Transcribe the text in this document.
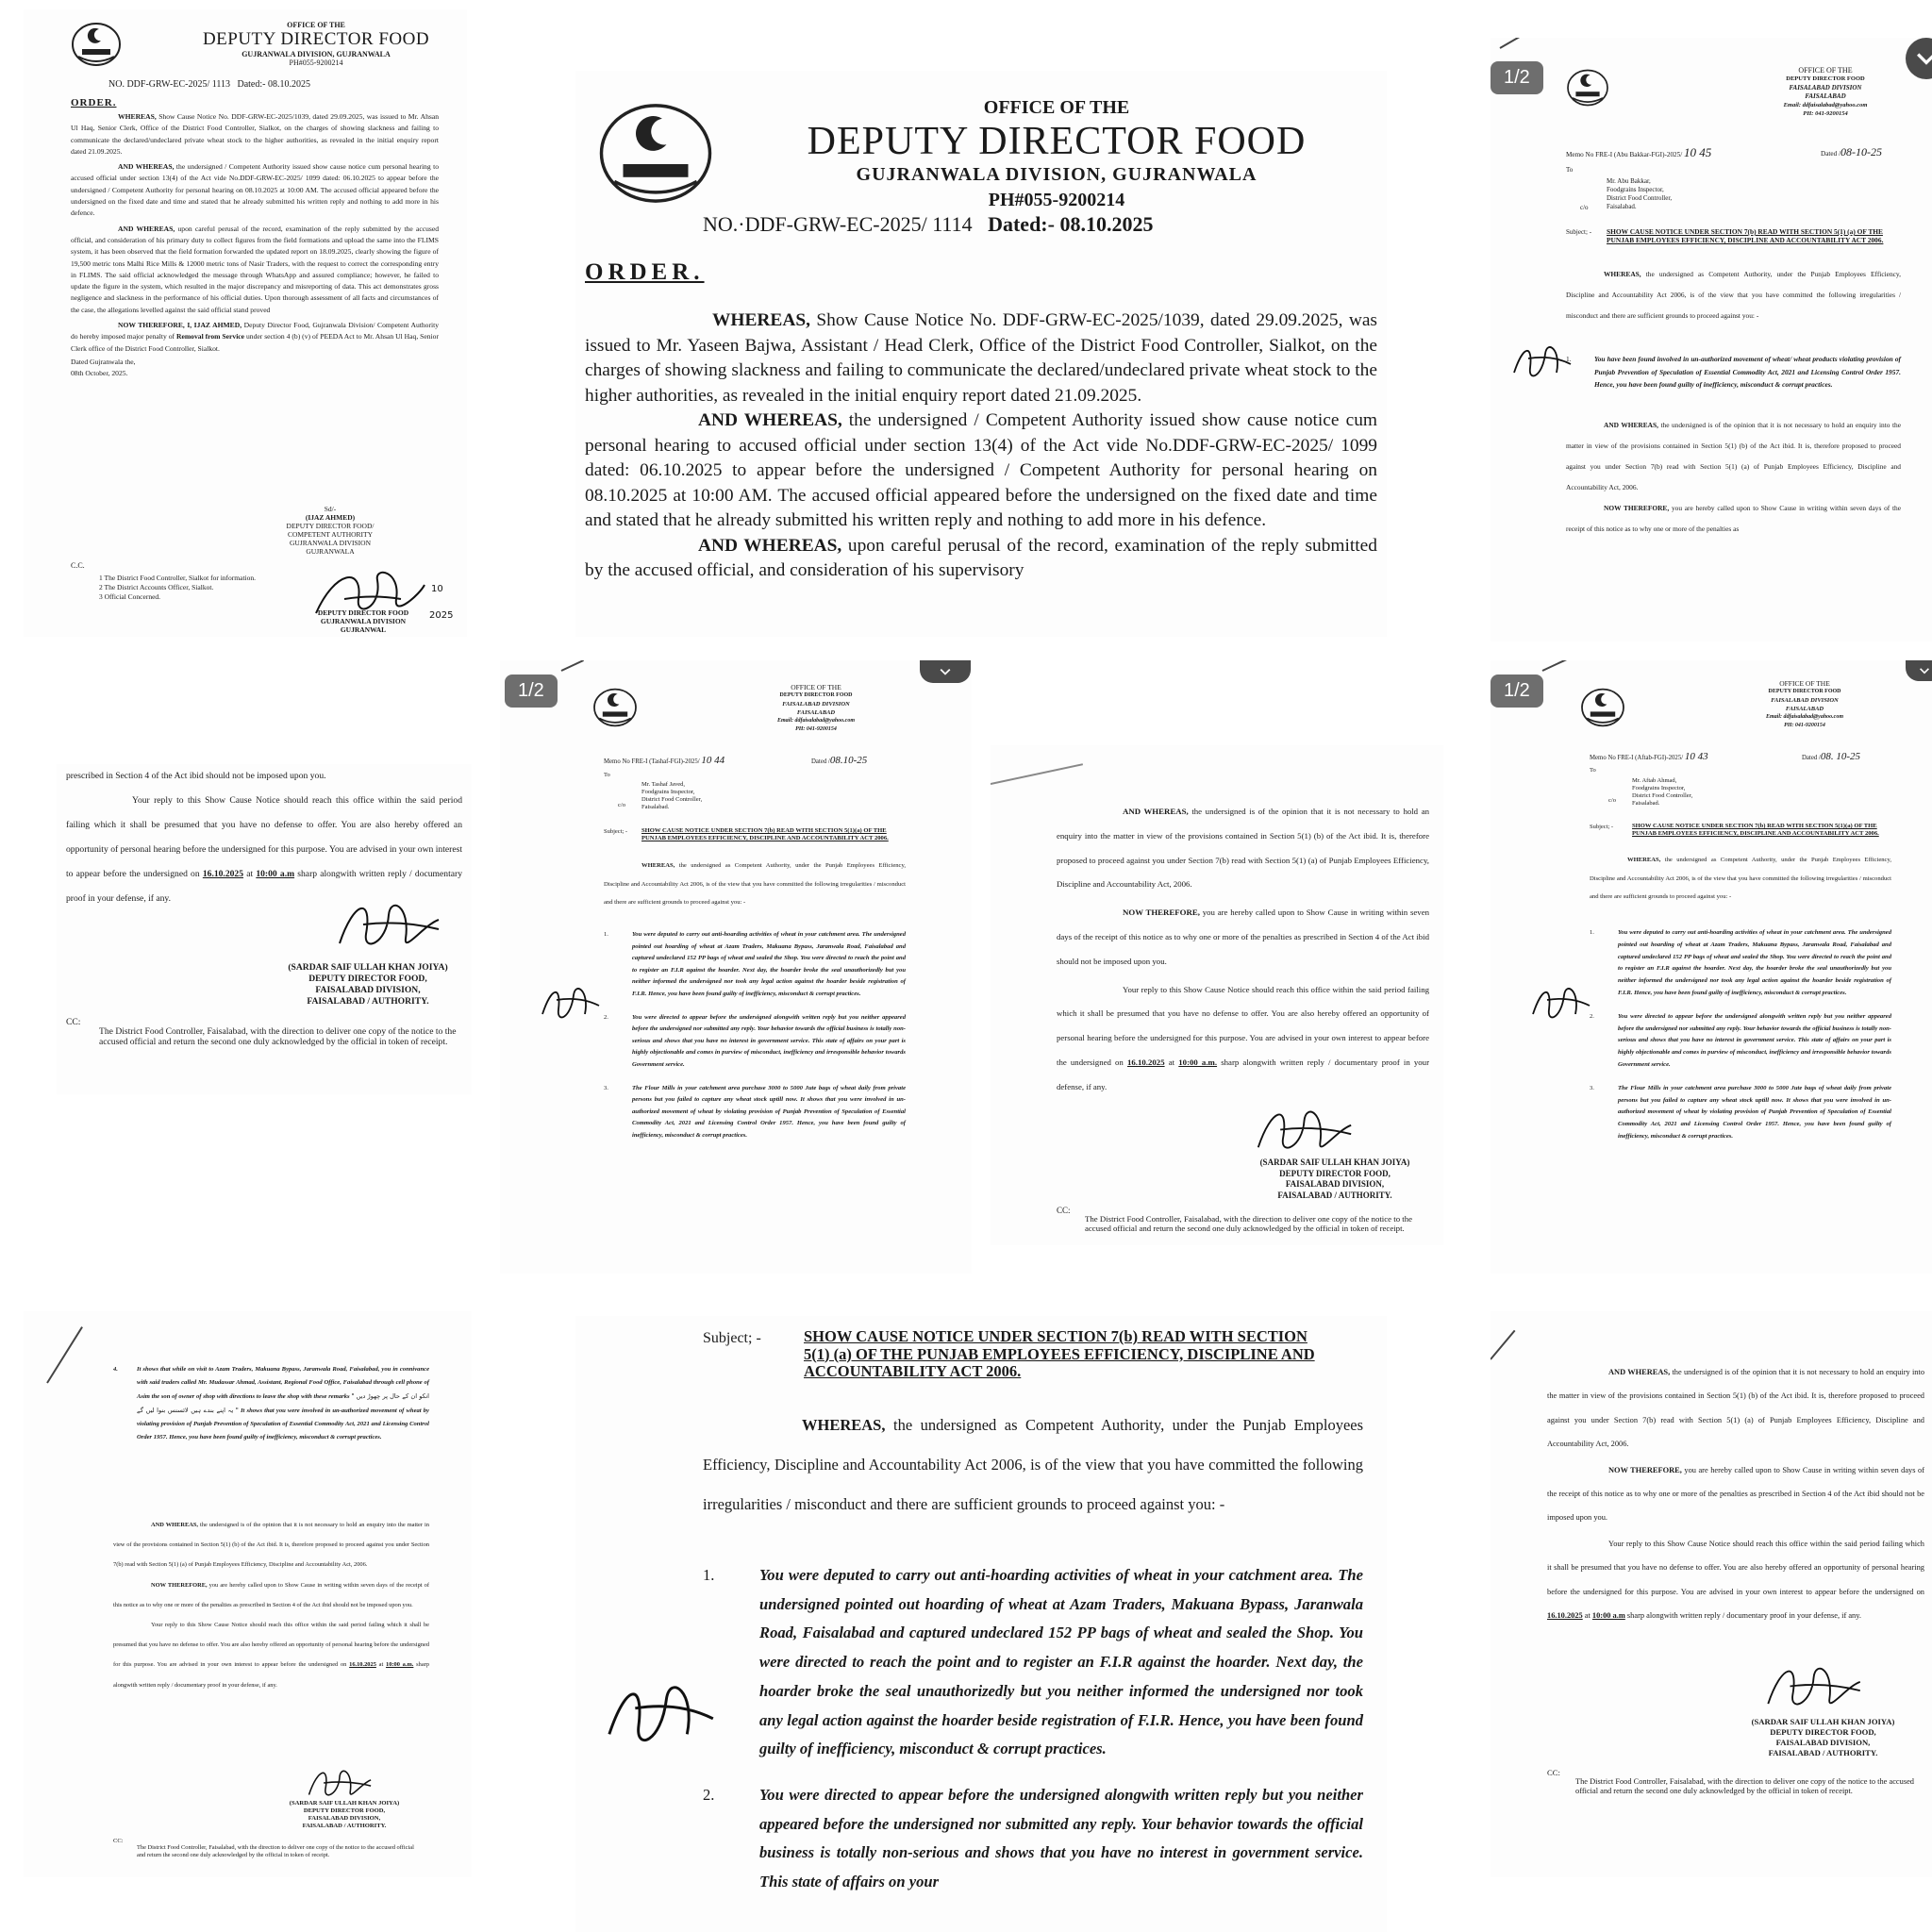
OFFICE OF THE

DEPUTY DIRECTOR FOOD

GUJRANWALA DIVISION, GUJRANWALA

PH#055-9200214

NO. DDF-GRW-EC-2025/ 1113 Dated:- 08.10.2025

ORDER.

WHEREAS, Show Cause Notice No. DDF-GRW-EC-2025/1039, dated 29.09.2025, was issued to Mr. Ahsan Ul Haq, Senior Clerk, Office of the District Food Controller, Sialkot, on the charges of showing slackness and failing to communicate the declared/undeclared private wheat stock to the higher authorities, as revealed in the initial enquiry report dated 21.09.2025.

AND WHEREAS, the undersigned / Competent Authority issued show cause notice cum personal hearing to accused official under section 13(4) of the Act vide No.DDF-GRW-EC-2025/ 1099 dated: 06.10.2025 to appear before the undersigned / Competent Authority for personal hearing on 08.10.2025 at 10:00 AM. The accused official appeared before the undersigned on the fixed date and time and stated that he already submitted his written reply and nothing to add more in his defence.

AND WHEREAS, upon careful perusal of the record, examination of the reply submitted by the accused official, and consideration of his primary duty to collect figures from the field formations and upload the same into the FLIMS system, it has been observed that the field formation forwarded the updated report on 18.09.2025, clearly showing the figure of 19,500 metric tons Malhi Rice Mills & 12000 metric tons of Nasir Traders, with the request to correct the corresponding entry in FLIMS. The said official acknowledged the message through WhatsApp and assured compliance; however, he failed to update the figure in the system, which resulted in the major discrepancy and misreporting of data. This act demonstrates gross negligence and slackness in the performance of his official duties. Upon thorough assessment of all facts and circumstances of the case, the allegations levelled against the said official stand proved

NOW THEREFORE, I, IJAZ AHMED, Deputy Director Food, Gujranwala Division/ Competent Authority do hereby imposed major penalty of Removal from Service under section 4 (b) (v) of PEEDA Act to Mr. Ahsan Ul Haq, Senior Clerk office of the District Food Controller, Sialkot.

Dated Gujranwala the,

08th October, 2025.

Sd/-

(IJAZ AHMED)

DEPUTY DIRECTOR FOOD/

COMPETENT AUTHORITY

GUJRANWALA DIVISION

GUJRANWALA

C.C.

1 The District Food Controller, Sialkot for information.

2 The District Accounts Officer, Sialkot.

3 Official Concerned.

DEPUTY DIRECTOR FOOD

GUJRANWALA DIVISION

GUJRANWAL

10
2025

OFFICE OF THE

DEPUTY DIRECTOR FOOD

GUJRANWALA DIVISION, GUJRANWALA

PH#055-9200214

NO.·DDF-GRW-EC-2025/ 1114 Dated:- 08.10.2025

ORDER.

WHEREAS, Show Cause Notice No. DDF-GRW-EC-2025/1039, dated 29.09.2025, was issued to Mr. Yaseen Bajwa, Assistant / Head Clerk, Office of the District Food Controller, Sialkot, on the charges of showing slackness and failing to communicate the declared/undeclared private wheat stock to the higher authorities, as revealed in the initial enquiry report dated 21.09.2025.

AND WHEREAS, the undersigned / Competent Authority issued show cause notice cum personal hearing to accused official under section 13(4) of the Act vide No.DDF-GRW-EC-2025/ 1099 dated: 06.10.2025 to appear before the undersigned / Competent Authority for personal hearing on 08.10.2025 at 10:00 AM. The accused official appeared before the undersigned on the fixed date and time and stated that he already submitted his written reply and nothing to add more in his defence.

AND WHEREAS, upon careful perusal of the record, examination of the reply submitted by the accused official, and consideration of his supervisory

1/2	OFFICE OF THE

DEPUTY DIRECTOR FOOD

FAISALABAD DIVISION

FAISALABAD

Email: ddfaisalabad@yahoo.com

PH: 041-9200154

Memo No FRE-I (Abu Bakkar-FGI)-2025/ 10 45	Dated /08-10-25

To

c/o

Mr. Abu Bakkar,

Foodgrains Inspector,

District Food Controller,

Faisalabad.

Subject; - SHOW CAUSE NOTICE UNDER SECTION 7(b) READ WITH SECTION 5(1) (a) OF THE PUNJAB EMPLOYEES EFFICIENCY, DISCIPLINE AND ACCOUNTABILITY ACT 2006.

WHEREAS, the undersigned as Competent Authority, under the Punjab Employees Efficiency, Discipline and Accountability Act 2006, is of the view that you have committed the following irregularities / misconduct and there are sufficient grounds to proceed against you: -

1.	You have been found involved in un-authorized movement of wheat/ wheat products violating provision of Punjab Prevention of Speculation of Essential Commodity Act, 2021 and Licensing Control Order 1957. Hence, you have been found guilty of inefficiency, misconduct & corrupt practices.

AND WHEREAS, the undersigned is of the opinion that it is not necessary to hold an enquiry into the matter in view of the provisions contained in Section 5(1) (b) of the Act ibid. It is, therefore proposed to proceed against you under Section 7(b) read with Section 5(1) (a) of Punjab Employees Efficiency, Discipline and Accountability Act, 2006.

NOW THEREFORE, you are hereby called upon to Show Cause in writing within seven days of the receipt of this notice as to why one or more of the penalties as

prescribed in Section 4 of the Act ibid should not be imposed upon you.

Your reply to this Show Cause Notice should reach this office within the said period failing which it shall be presumed that you have no defense to offer. You are also hereby offered an opportunity of personal hearing before the undersigned for this purpose. You are advised in your own interest to appear before the undersigned on 16.10.2025 at 10:00 a.m sharp alongwith written reply / documentary proof in your defense, if any.

(SARDAR SAIF ULLAH KHAN JOIYA)

DEPUTY DIRECTOR FOOD,

FAISALABAD DIVISION,

FAISALABAD / AUTHORITY.

CC:

The District Food Controller, Faisalabad, with the direction to deliver one copy of the notice to the accused official and return the second one duly acknowledged by the official in token of receipt.

1/2	OFFICE OF THE

DEPUTY DIRECTOR FOOD

FAISALABAD DIVISION

FAISALABAD

Email: ddfaisalabad@yahoo.com

PH: 041-9200154

Memo No FRE-I (Tashaf-FGI)-2025/ 10 44	Dated /08.10-25

To

c/o

Mr. Tashaf Javed,

Foodgrains Inspector,

District Food Controller,

Faisalabad.

Subject; - SHOW CAUSE NOTICE UNDER SECTION 7(b) READ WITH SECTION 5(1)(a) OF THE PUNJAB EMPLOYEES EFFICIENCY, DISCIPLINE AND ACCOUNTABILITY ACT 2006.

WHEREAS, the undersigned as Competent Authority, under the Punjab Employees Efficiency, Discipline and Accountability Act 2006, is of the view that you have committed the following irregularities / misconduct and there are sufficient grounds to proceed against you: -

1.	You were deputed to carry out anti-hoarding activities of wheat in your catchment area. The undersigned pointed out hoarding of wheat at Azam Traders, Makuana Bypass, Jaranwala Road, Faisalabad and captured undeclared 152 PP bags of wheat and sealed the Shop. You were directed to reach the point and to register an F.I.R against the hoarder. Next day, the hoarder broke the seal unauthorizedly but you neither informed the undersigned nor took any legal action against the hoarder beside registration of F.I.R. Hence, you have been found guilty of inefficiency, misconduct & corrupt practices.

2.	You were directed to appear before the undersigned alongwith written reply but you neither appeared before the undersigned nor submitted any reply. Your behavior towards the official business is totally non-serious and shows that you have no interest in government service. This state of affairs on your part is highly objectionable and comes in purview of misconduct, inefficiency and irresponsible behavior towards Government service.

3.	The Flour Mills in your catchment area purchase 3000 to 5000 Jute bags of wheat daily from private persons but you failed to capture any wheat stock uptill now. It shows that you were involved in un-authorized movement of wheat by violating provision of Punjab Prevention of Speculation of Essential Commodity Act, 2021 and Licensing Control Order 1957. Hence, you have been found guilty of inefficiency, misconduct & corrupt practices.

AND WHEREAS, the undersigned is of the opinion that it is not necessary to hold an enquiry into the matter in view of the provisions contained in Section 5(1) (b) of the Act ibid. It is, therefore proposed to proceed against you under Section 7(b) read with Section 5(1) (a) of Punjab Employees Efficiency, Discipline and Accountability Act, 2006.

NOW THEREFORE, you are hereby called upon to Show Cause in writing within seven days of the receipt of this notice as to why one or more of the penalties as prescribed in Section 4 of the Act ibid should not be imposed upon you.

Your reply to this Show Cause Notice should reach this office within the said period failing which it shall be presumed that you have no defense to offer. You are also hereby offered an opportunity of personal hearing before the undersigned for this purpose. You are advised in your own interest to appear before the undersigned on 16.10.2025 at 10:00 a.m. sharp alongwith written reply / documentary proof in your defense, if any.

(SARDAR SAIF ULLAH KHAN JOIYA)

DEPUTY DIRECTOR FOOD,

FAISALABAD DIVISION,

FAISALABAD / AUTHORITY.

CC:

The District Food Controller, Faisalabad, with the direction to deliver one copy of the notice to the accused official and return the second one duly acknowledged by the official in token of receipt.

1/2	OFFICE OF THE

DEPUTY DIRECTOR FOOD

FAISALABAD DIVISION

FAISALABAD

Email: ddfaisalabad@yahoo.com

PH: 041-9200154

Memo No FRE-I (Aftab-FGI)-2025/ 10 43	Dated /08. 10-25

To

c/o

Mr. Aftab Ahmad,

Foodgrains Inspector,

District Food Controller,

Faisalabad.

Subject; -	SHOW CAUSE NOTICE UNDER SECTION 7(b) READ WITH SECTION 5(1)(a) OF THE PUNJAB EMPLOYEES EFFICIENCY, DISCIPLINE AND ACCOUNTABILITY ACT 2006.

WHEREAS, the undersigned as Competent Authority, under the Punjab Employees Efficiency, Discipline and Accountability Act 2006, is of the view that you have committed the following irregularities / misconduct and there are sufficient grounds to proceed against you: -

1.	You were deputed to carry out anti-hoarding activities of wheat in your catchment area. The undersigned pointed out hoarding of wheat at Azam Traders, Makuana Bypass, Jaranwala Road, Faisalabad and captured undeclared 152 PP bags of wheat and sealed the Shop. You were directed to reach the point and to register an F.I.R against the hoarder. Next day, the hoarder broke the seal unauthorizedly but you neither informed the undersigned nor took any legal action against the hoarder beside registration of F.I.R. Hence, you have been found guilty of inefficiency, misconduct & corrupt practices.

2.	You were directed to appear before the undersigned alongwith written reply but you neither appeared before the undersigned nor submitted any reply. Your behavior towards the official business is totally non-serious and shows that you have no interest in government service. This state of affairs on your part is highly objectionable and comes in purview of misconduct, inefficiency and irresponsible behavior towards Government service.

3.	The Flour Mills in your catchment area purchase 3000 to 5000 Jute bags of wheat daily from private persons but you failed to capture any wheat stock uptill now. It shows that you were involved in un-authorized movement of wheat by violating provision of Punjab Prevention of Speculation of Essential Commodity Act, 2021 and Licensing Control Order 1957. Hence, you have been found guilty of inefficiency, misconduct & corrupt practices.

4.	It shows that while on visit to Azam Traders, Makuana Bypass, Jaranwala Road, Faisalabad, you in connivance with said traders called Mr. Mudassar Ahmad, Assistant, Regional Food Office, Faisalabad through cell phone of Asim the son of owner of shop with directions to leave the shop with these remarks " انکو ان کے حال پر چھوڑ دیں یہ اپنے بندے ہیں لائسنس بنوا لیں گے " It shows that you were involved in un-authorized movement of wheat by violating provision of Punjab Prevention of Speculation of Essential Commodity Act, 2021 and Licensing Control Order 1957. Hence, you have been found guilty of inefficiency, misconduct & corrupt practices.

AND WHEREAS, the undersigned is of the opinion that it is not necessary to hold an enquiry into the matter in view of the provisions contained in Section 5(1) (b) of the Act ibid. It is, therefore proposed to proceed against you under Section 7(b) read with Section 5(1) (a) of Punjab Employees Efficiency, Discipline and Accountability Act, 2006.

NOW THEREFORE, you are hereby called upon to Show Cause in writing within seven days of the receipt of this notice as to why one or more of the penalties as prescribed in Section 4 of the Act ibid should not be imposed upon you.

Your reply to this Show Cause Notice should reach this office within the said period failing which it shall be presumed that you have no defense to offer. You are also hereby offered an opportunity of personal hearing before the undersigned for this purpose. You are advised in your own interest to appear before the undersigned on 16.10.2025 at 10:00 a.m. sharp alongwith written reply / documentary proof in your defense, if any.

(SARDAR SAIF ULLAH KHAN JOIYA)

DEPUTY DIRECTOR FOOD,

FAISALABAD DIVISION,

FAISALABAD / AUTHORITY.

CC:

The District Food Controller, Faisalabad, with the direction to deliver one copy of the notice to the accused official and return the second one duly acknowledged by the official in token of receipt.

Subject; -	SHOW CAUSE NOTICE UNDER SECTION 7(b) READ WITH SECTION 5(1) (a) OF THE PUNJAB EMPLOYEES EFFICIENCY, DISCIPLINE AND ACCOUNTABILITY ACT 2006.

WHEREAS, the undersigned as Competent Authority, under the Punjab Employees Efficiency, Discipline and Accountability Act 2006, is of the view that you have committed the following irregularities / misconduct and there are sufficient grounds to proceed against you: -

1.	You were deputed to carry out anti-hoarding activities of wheat in your catchment area. The undersigned pointed out hoarding of wheat at Azam Traders, Makuana Bypass, Jaranwala Road, Faisalabad and captured undeclared 152 PP bags of wheat and sealed the Shop. You were directed to reach the point and to register an F.I.R against the hoarder. Next day, the hoarder broke the seal unauthorizedly but you neither informed the undersigned nor took any legal action against the hoarder beside registration of F.I.R. Hence, you have been found guilty of inefficiency, misconduct & corrupt practices.

2.	You were directed to appear before the undersigned alongwith written reply but you neither appeared before the undersigned nor submitted any reply. Your behavior towards the official business is totally non-serious and shows that you have no interest in government service. This state of affairs on your

AND WHEREAS, the undersigned is of the opinion that it is not necessary to hold an enquiry into the matter in view of the provisions contained in Section 5(1) (b) of the Act ibid. It is, therefore proposed to proceed against you under Section 7(b) read with Section 5(1) (a) of Punjab Employees Efficiency, Discipline and Accountability Act, 2006.

NOW THEREFORE, you are hereby called upon to Show Cause in writing within seven days of the receipt of this notice as to why one or more of the penalties as prescribed in Section 4 of the Act ibid should not be imposed upon you.

Your reply to this Show Cause Notice should reach this office within the said period failing which it shall be presumed that you have no defense to offer. You are also hereby offered an opportunity of personal hearing before the undersigned for this purpose. You are advised in your own interest to appear before the undersigned on 16.10.2025 at 10:00 a.m sharp alongwith written reply / documentary proof in your defense, if any.

(SARDAR SAIF ULLAH KHAN JOIYA)

DEPUTY DIRECTOR FOOD,

FAISALABAD DIVISION,

FAISALABAD / AUTHORITY.

CC:

The District Food Controller, Faisalabad, with the direction to deliver one copy of the notice to the accused official and return the second one duly acknowledged by the official in token of receipt.
